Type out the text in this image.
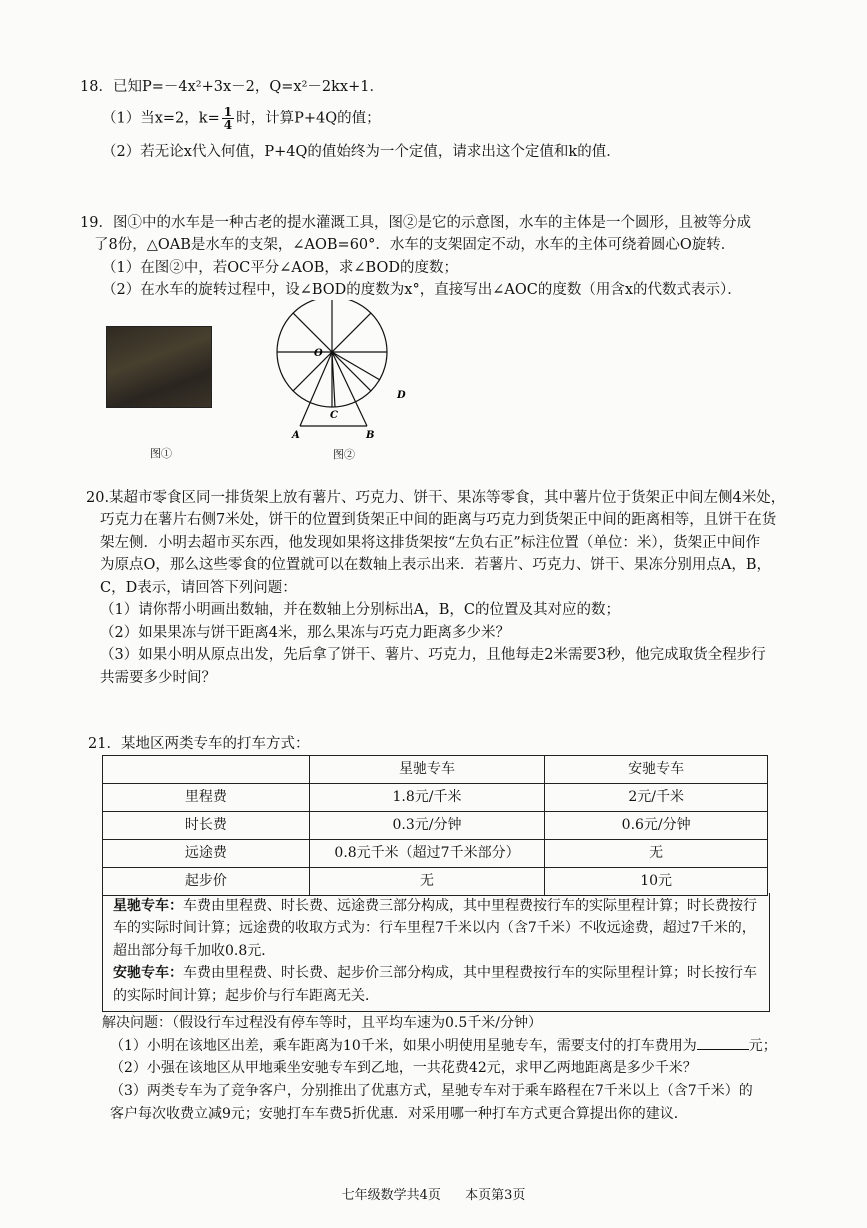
18．已知P=－4x²+3x－2，Q=x²－2kx+1．

（1）当x=2，$k= \frac{1}{4}$ 时，计算P+4Q的值；

（2）若无论x代入何值，P+4Q的值始终为一个定值，请求出这个定值和k的值．

19．图①中的水车是一种古老的提水灌溉工具，图②是它的示意图，水车的主体是一个圆形，且被等分成

了8份，△OAB是水车的支架，∠AOB=60°．水车的支架固定不动，水车的主体可绕着圆心O旋转．

（1）在图②中，若OC平分∠AOB，求∠BOD的度数；

（2）在水车的旋转过程中，设∠BOD的度数为x°，直接写出∠AOC的度数（用含x的代数式表示）．

图①
O
C
D
A	B
图②

20.某超市零食区同一排货架上放有薯片、巧克力、饼干、果冻等零食，其中薯片位于货架正中间左侧4米处，

巧克力在薯片右侧7米处，饼干的位置到货架正中间的距离与巧克力到货架正中间的距离相等，且饼干在货

架左侧．小明去超市买东西，他发现如果将这排货架按“左负右正”标注位置（单位：米），货架正中间作

为原点O，那么这些零食的位置就可以在数轴上表示出来．若薯片、巧克力、饼干、果冻分别用点A，B，

C，D表示，请回答下列问题：

（1）请你帮小明画出数轴，并在数轴上分别标出A，B，C的位置及其对应的数；

（2）如果果冻与饼干距离4米，那么果冻与巧克力距离多少米？

（3）如果小明从原点出发，先后拿了饼干、薯片、巧克力，且他每走2米需要3秒，他完成取货全程步行

共需要多少时间？

21．某地区两类专车的打车方式：
	星驰专车	安驰专车
里程费	1.8元/千米	2元/千米
时长费	0.3元/分钟	0.6元/分钟
远途费	0.8元千米（超过7千米部分）	无
起步价	无	10元
星驰专车：车费由里程费、时长费、远途费三部分构成，其中里程费按行车的实际里程计算；时长费按行车的实际时间计算；远途费的收取方式为：行车里程7千米以内（含7千米）不收远途费，超过7千米的，超出部分每千加收0.8元．
安驰专车：车费由里程费、时长费、起步价三部分构成，其中里程费按行车的实际里程计算；时长按行车的实际时间计算；起步价与行车距离无关．

解决问题：（假设行车过程没有停车等时，且平均车速为0.5千米/分钟）

（1）小明在该地区出差，乘车距离为10千米，如果小明使用星驰专车，需要支付的打车费用为	元；

（2）小强在该地区从甲地乘坐安驰专车到乙地，一共花费42元，求甲乙两地距离是多少千米？

（3）两类专车为了竞争客户，分别推出了优惠方式，星驰专车对于乘车路程在7千米以上（含7千米）的

客户每次收费立减9元；安驰打车车费5折优惠．对采用哪一种打车方式更合算提出你的建议．

七年级数学共4页 本页第3页
